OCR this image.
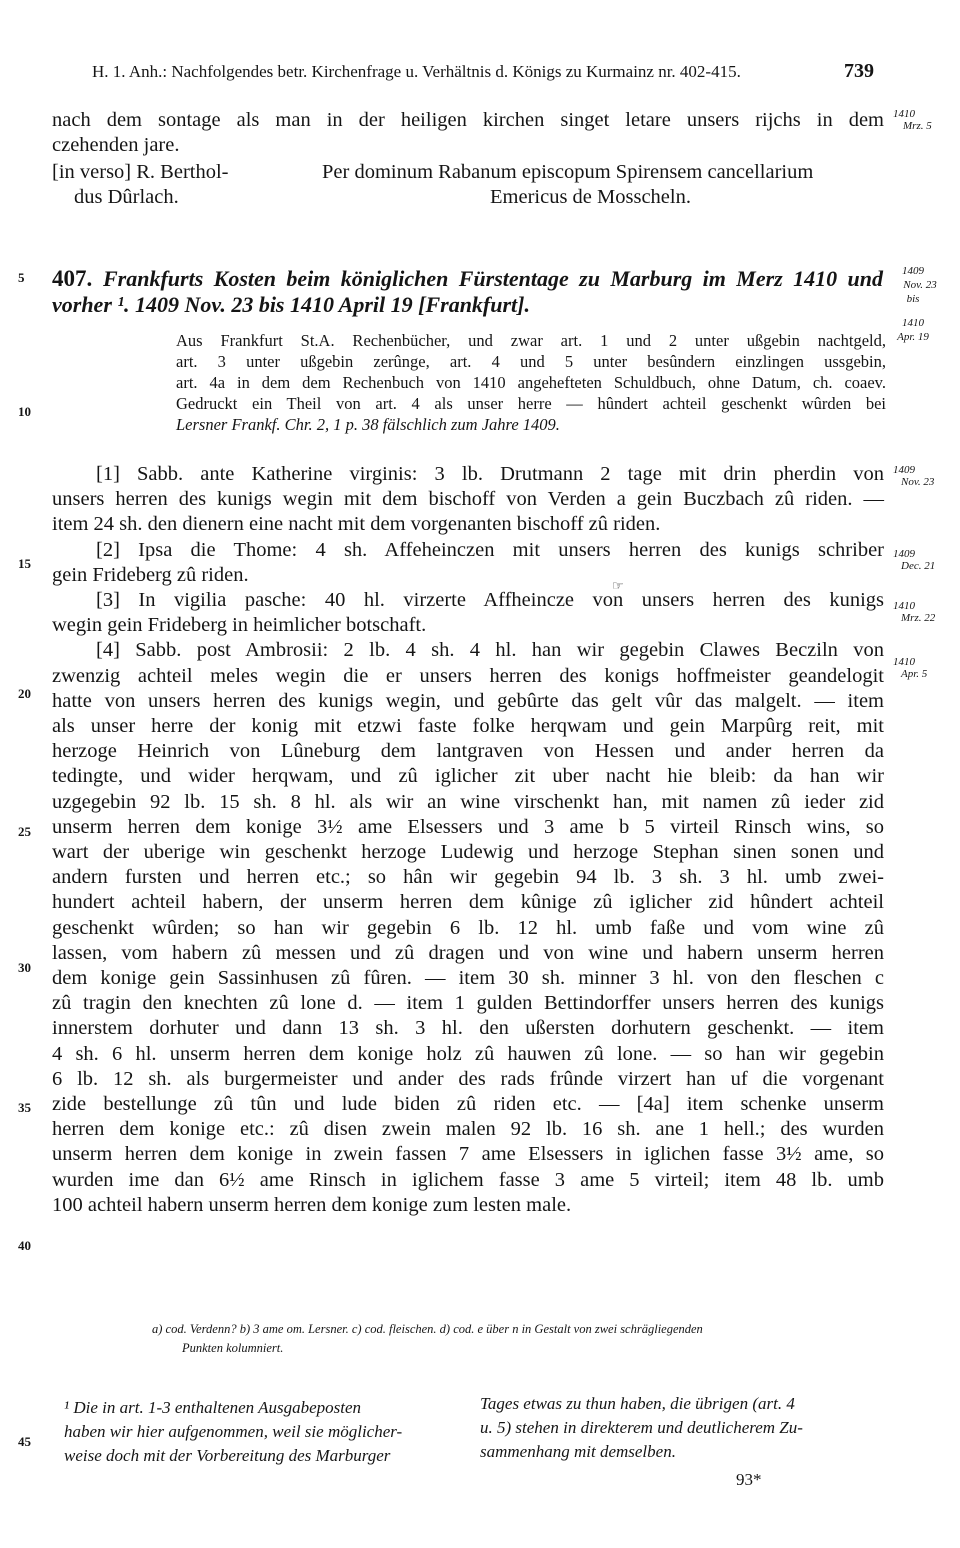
H. 1. Anh.: Nachfolgendes betr. Kirchenfrage u. Verhältnis d. Königs zu Kurmainz nr. 402-415.	739
nach dem sontage als man in der heiligen kirchen singet letare unsers rijchs in dem
czehenden jare.
[in verso] R. Berthol-
dus Dûrlach.
Per dominum Rabanum episcopum Spirensem cancellarium
Emericus de Mosscheln.
1410
Mrz. 5
407. Frankfurts Kosten beim königlichen Fürstentage zu Marburg im Merz 1410 und
vorher ¹. 1409 Nov. 23 bis 1410 April 19 [Frankfurt].
1409
Nov. 23
bis
1410
Apr. 19
Aus Frankfurt St.A. Rechenbücher, und zwar art. 1 und 2 unter ußgebin nachtgeld,
art. 3 unter ußgebin zerûnge, art. 4 und 5 unter besûndern einzlingen ussgebin,
art. 4a in dem dem Rechenbuch von 1410 angehefteten Schuldbuch, ohne Datum, ch. coaev.
Gedruckt ein Theil von art. 4 als unser herre — hûndert achteil geschenkt wûrden bei
Lersner Frankf. Chr. 2, 1 p. 38 fälschlich zum Jahre 1409.
[1] Sabb. ante Katherine virginis: 3 lb. Drutmann 2 tage mit drin pherdin von
unsers herren des kunigs wegin mit dem bischoff von Verden a gein Buczbach zû riden. —
item 24 sh. den dienern eine nacht mit dem vorgenanten bischoff zû riden.
[2] Ipsa die Thome: 4 sh. Affeheinczen mit unsers herren des kunigs schriber
gein Frideberg zû riden.
[3] In vigilia pasche: 40 hl. virzerte Affheincze von unsers herren des kunigs
wegin gein Frideberg in heimlicher botschaft.
[4] Sabb. post Ambrosii: 2 lb. 4 sh. 4 hl. han wir gegebin Clawes Becziln von
zwenzig achteil meles wegin die er unsers herren des konigs hoffmeister geandelogit
hatte von unsers herren des kunigs wegin, und gebûrte das gelt vûr das malgelt. — item
als unser herre der konig mit etzwi faste folke herqwam und gein Marpûrg reit, mit
herzoge Heinrich von Lûneburg dem lantgraven von Hessen und ander herren da
tedingte, und wider herqwam, und zû iglicher zit uber nacht hie bleib: da han wir
uzgegebin 92 lb. 15 sh. 8 hl. als wir an wine virschenkt han, mit namen zû ieder zid
unserm herren dem konige 3½ ame Elsessers und 3 ame b 5 virteil Rinsch wins, so
wart der uberige win geschenkt herzoge Ludewig und herzoge Stephan sinen sonen und
andern fursten und herren etc.; so hân wir gegebin 94 lb. 3 sh. 3 hl. umb zwei-
hundert achteil habern, der unserm herren dem kûnige zû iglicher zid hûndert achteil
geschenkt wûrden; so han wir gegebin 6 lb. 12 hl. umb faße und vom wine zû
lassen, vom habern zû messen und zû dragen und von wine und habern unserm herren
dem konige gein Sassinhusen zû fûren. — item 30 sh. minner 3 hl. von den fleschen c
zû tragin den knechten zû lone d. — item 1 gulden Bettindorffer unsers herren des kunigs
innerstem dorhuter und dann 13 sh. 3 hl. den ußersten dorhutern geschenkt. — item
4 sh. 6 hl. unserm herren dem konige holz zû hauwen zû lone. — so han wir gegebin
6 lb. 12 sh. als burgermeister und ander des rads frûnde virzert han uf die vorgenant
zide bestellunge zû tûn und lude biden zû riden etc. — [4a] item schenke unserm
herren dem konige etc.: zû disen zwein malen 92 lb. 16 sh. ane 1 hell.; des wurden
unserm herren dem konige in zwein fassen 7 ame Elsessers in iglichen fasse 3½ ame, so
wurden ime dan 6½ ame Rinsch in iglichem fasse 3 ame 5 virteil; item 48 lb. umb
100 achteil habern unserm herren dem konige zum lesten male.
1409
Nov. 23
1409
Dec. 21
1410
Mrz. 22
1410
Apr. 5
☞
5
10
15
20
25
30
35
40
45
a) cod. Verdenn? b) 3 ame om. Lersner. c) cod. fleischen. d) cod. e über n in Gestalt von zwei schrägliegenden
Punkten kolumniert.
¹ Die in art. 1-3 enthaltenen Ausgabeposten
haben wir hier aufgenommen, weil sie möglicher-
weise doch mit der Vorbereitung des Marburger
Tages etwas zu thun haben, die übrigen (art. 4
u. 5) stehen in direkterem und deutlicherem Zu-
sammenhang mit demselben.
93*
